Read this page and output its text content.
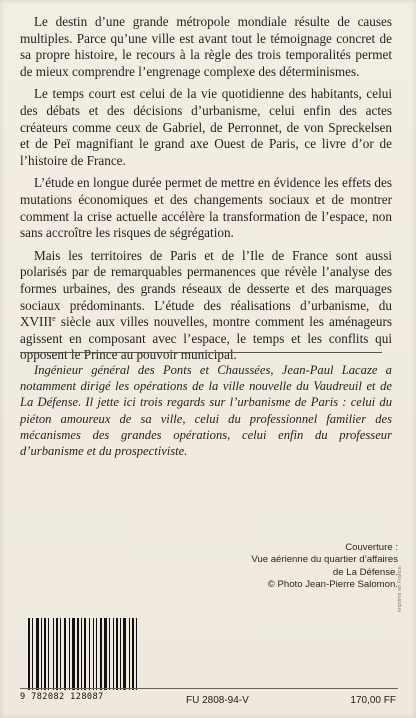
Le destin d’une grande métropole mondiale résulte de causes multiples. Parce qu’une ville est avant tout le témoignage concret de sa propre histoire, le recours à la règle des trois temporalités permet de mieux comprendre l’engrenage complexe des déterminismes.

Le temps court est celui de la vie quotidienne des habitants, celui des débats et des décisions d’urbanisme, celui enfin des actes créateurs comme ceux de Gabriel, de Perronnet, de von Spreckelsen et de Peï magnifiant le grand axe Ouest de Paris, ce livre d’or de l’histoire de France.

L’étude en longue durée permet de mettre en évidence les effets des mutations économiques et des changements sociaux et de montrer comment la crise actuelle accélère la transformation de l’espace, non sans accroître les risques de ségrégation.

Mais les territoires de Paris et de l’Ile de France sont aussi polarisés par de remarquables permanences que révèle l’analyse des formes urbaines, des grands réseaux de desserte et des marquages sociaux prédominants. L’étude des réalisations d’urbanisme, du XVIIIe siècle aux villes nouvelles, montre comment les aménageurs agissent en composant avec l’espace, le temps et les conflits qui opposent le Prince au pouvoir municipal.

Ingénieur général des Ponts et Chaussées, Jean-Paul Lacaze a notamment dirigé les opérations de la ville nouvelle du Vaudreuil et de La Défense. Il jette ici trois regards sur l’urbanisme de Paris : celui du piéton amoureux de sa ville, celui du professionnel familier des mécanismes des grandes opérations, celui enfin du professeur d’urbanisme et du prospectiviste.

Couverture :
Vue aérienne du quartier d’affaires
de La Défense.
© Photo Jean-Pierre Salomon. imprimé en France
9 782082 128087	FU 2808-94-V	170,00 FF
